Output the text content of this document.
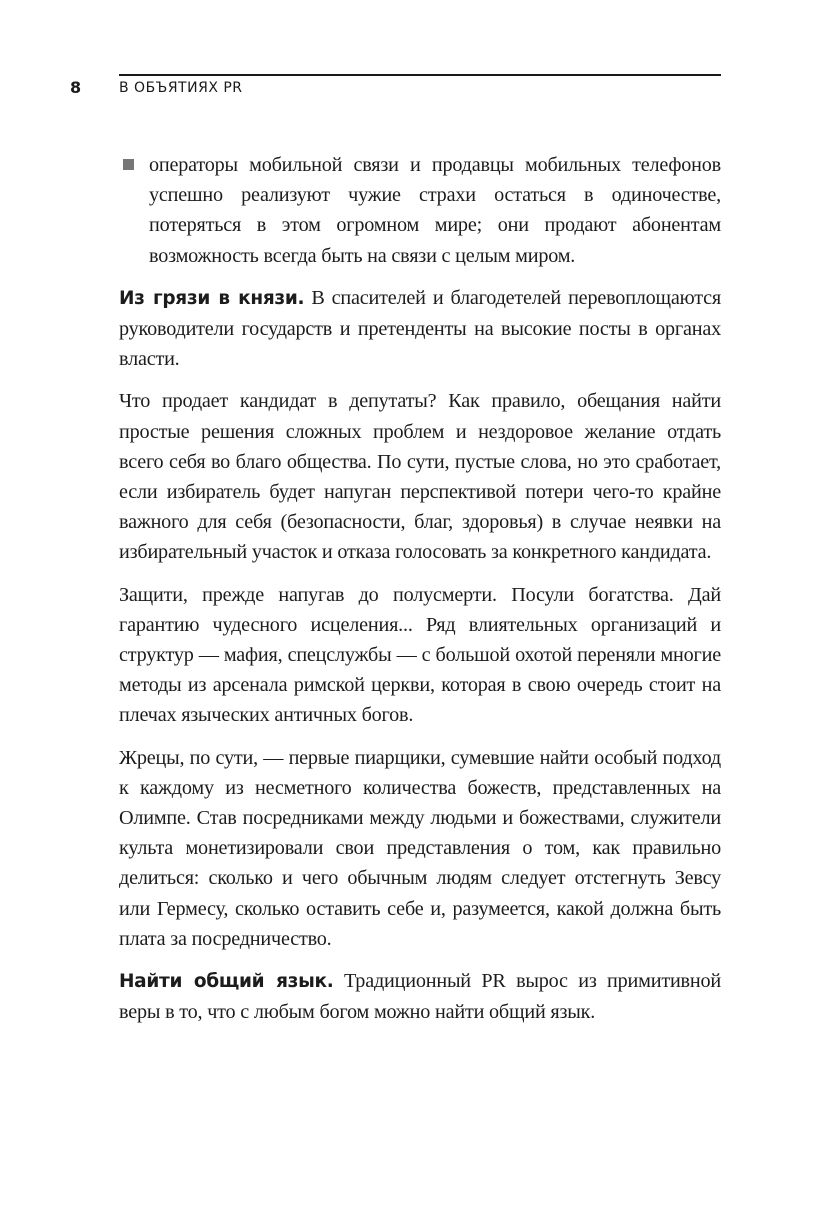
8	В ОБЪЯТИЯХ PR
операторы мобильной связи и продавцы мобильных телефонов успешно реализуют чужие страхи остаться в одиночестве, потеряться в этом огромном мире; они продают абонентам возможность всегда быть на связи с целым миром.

Из грязи в князи. В спасителей и благодетелей перевоплощаются руководители государств и претенденты на высокие посты в органах власти.

Что продает кандидат в депутаты? Как правило, обещания найти простые решения сложных проблем и нездоровое желание отдать всего себя во благо общества. По сути, пустые слова, но это сработает, если избиратель будет напуган перспективой потери чего-то крайне важного для себя (безопасности, благ, здоровья) в случае неявки на избирательный участок и отказа голосовать за конкретного кандидата.

Защити, прежде напугав до полусмерти. Посули богатства. Дай гарантию чудесного исцеления... Ряд влиятельных организаций и структур — мафия, спецслужбы — с большой охотой переняли многие методы из арсенала римской церкви, которая в свою очередь стоит на плечах языческих античных богов.

Жрецы, по сути, — первые пиарщики, сумевшие найти особый подход к каждому из несметного количества божеств, представленных на Олимпе. Став посредниками между людьми и божествами, служители культа монетизировали свои представления о том, как правильно делиться: сколько и чего обычным людям следует отстегнуть Зевсу или Гермесу, сколько оставить себе и, разумеется, какой должна быть плата за посредничество.

Найти общий язык. Традиционный PR вырос из примитивной веры в то, что с любым богом можно найти общий язык.
